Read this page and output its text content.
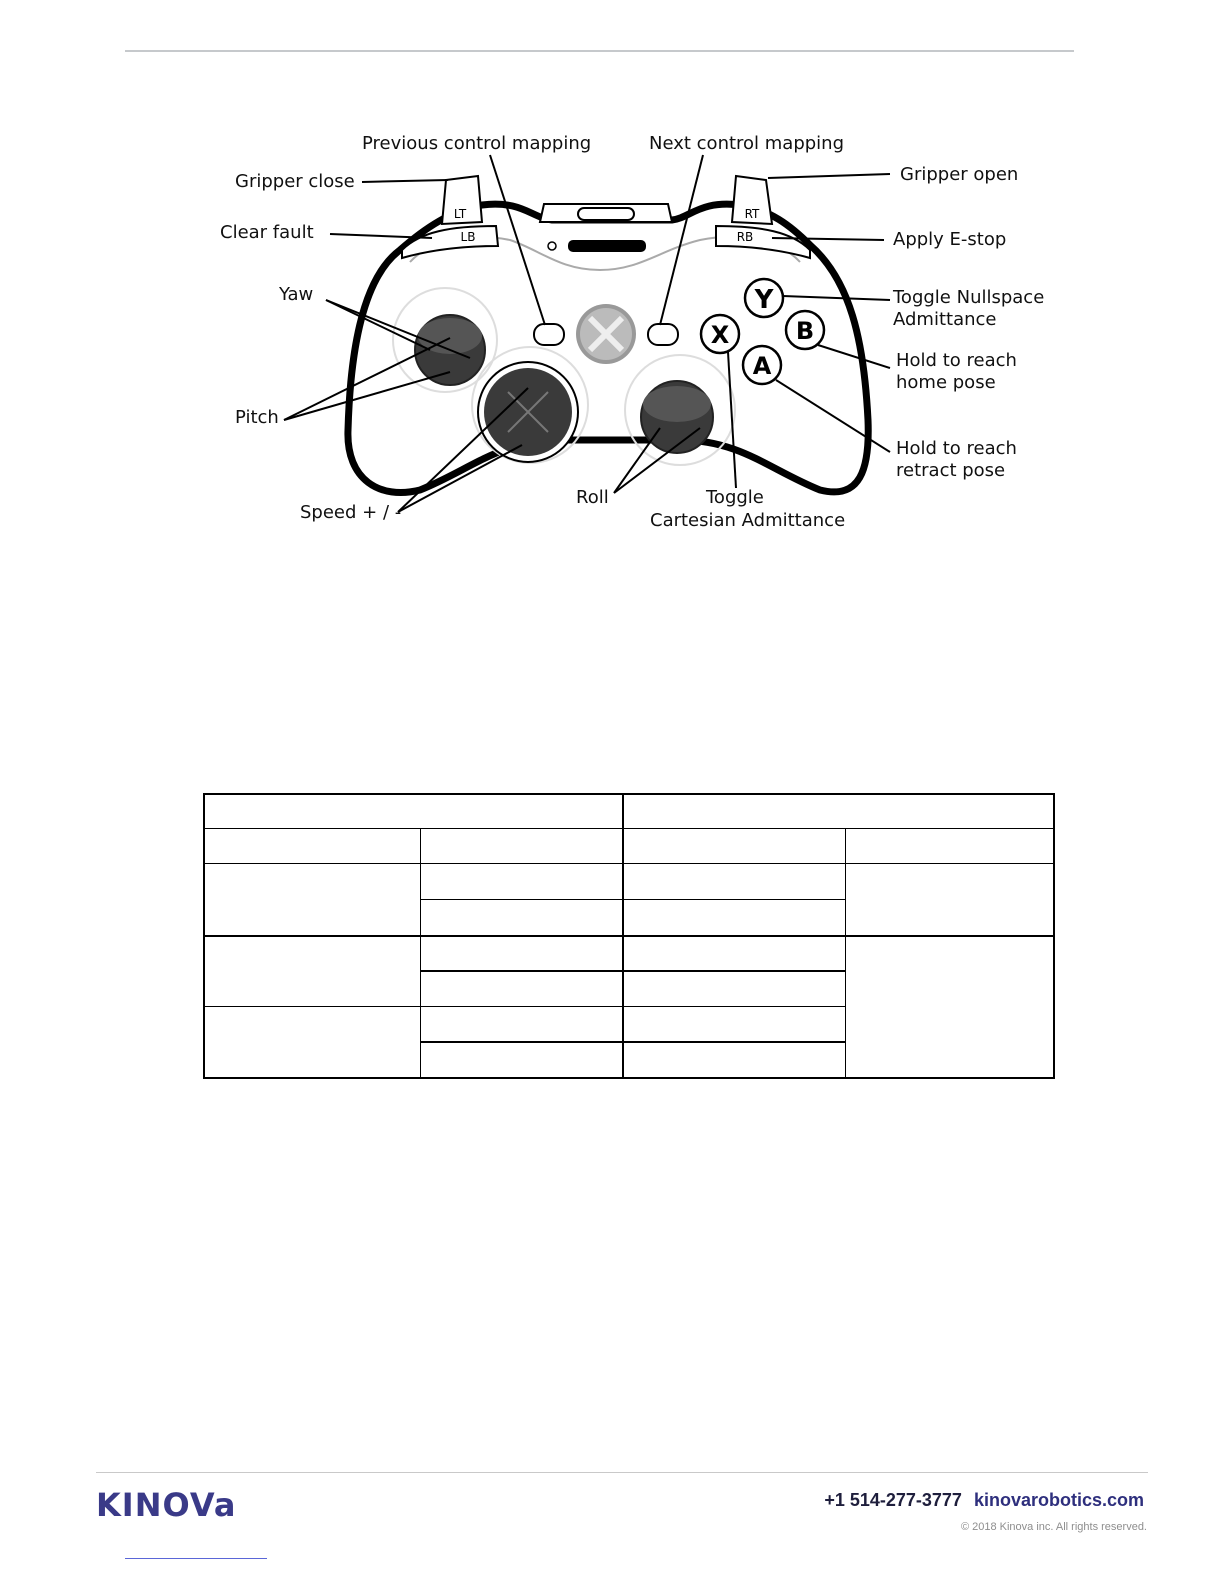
LT	RT
LB	RB
Y
B
X
A
Previous control mapping	Next control mapping
Gripper close	Gripper open
Clear fault	Apply E-stop
Yaw
Pitch
Speed + / -
Roll	Toggle
Cartesian Admittance
Toggle Nullspace
Admittance
Hold to reach
home pose
Hold to reach
retract pose
KINOVa	+1 514-277-3777 kinovarobotics.com
© 2018 Kinova inc. All rights reserved.
